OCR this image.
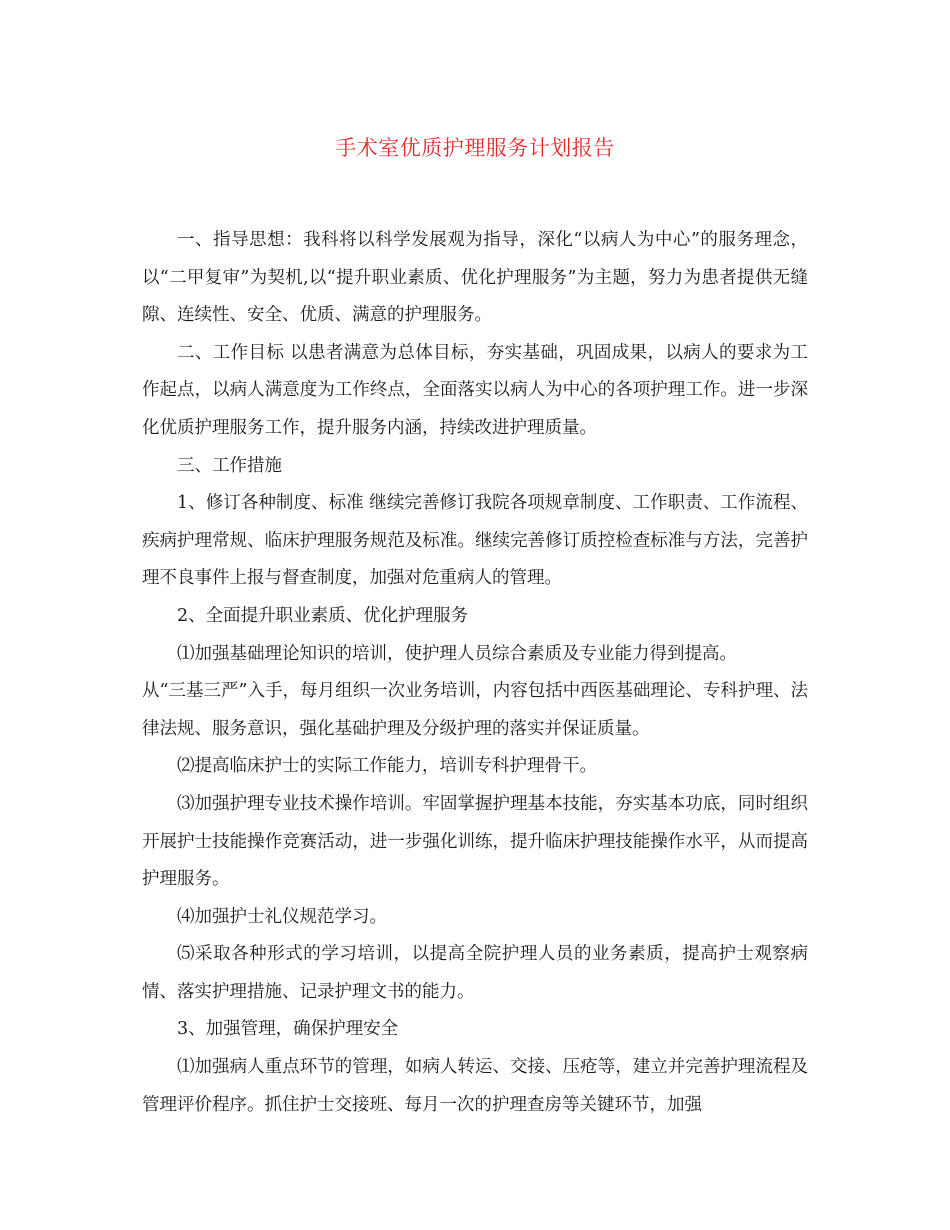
手术室优质护理服务计划报告

一、指导思想：我科将以科学发展观为指导，深化“以病人为中心”的服务理念，以“二甲复审”为契机,以“提升职业素质、优化护理服务”为主题，努力为患者提供无缝隙、连续性、安全、优质、满意的护理服务。

二、工作目标 以患者满意为总体目标，夯实基础，巩固成果，以病人的要求为工作起点，以病人满意度为工作终点，全面落实以病人为中心的各项护理工作。进一步深化优质护理服务工作，提升服务内涵，持续改进护理质量。

三、工作措施

1、修订各种制度、标准 继续完善修订我院各项规章制度、工作职责、工作流程、疾病护理常规、临床护理服务规范及标准。继续完善修订质控检查标准与方法，完善护理不良事件上报与督查制度，加强对危重病人的管理。

2、全面提升职业素质、优化护理服务

⑴加强基础理论知识的培训，使护理人员综合素质及专业能力得到提高。

从“三基三严”入手，每月组织一次业务培训，内容包括中西医基础理论、专科护理、法律法规、服务意识，强化基础护理及分级护理的落实并保证质量。

⑵提高临床护士的实际工作能力，培训专科护理骨干。

⑶加强护理专业技术操作培训。牢固掌握护理基本技能，夯实基本功底，同时组织开展护士技能操作竞赛活动，进一步强化训练，提升临床护理技能操作水平，从而提高护理服务。

⑷加强护士礼仪规范学习。

⑸采取各种形式的学习培训，以提高全院护理人员的业务素质，提高护士观察病情、落实护理措施、记录护理文书的能力。

3、加强管理，确保护理安全

⑴加强病人重点环节的管理，如病人转运、交接、压疮等，建立并完善护理流程及管理评价程序。抓住护士交接班、每月一次的护理查房等关键环节，加强
